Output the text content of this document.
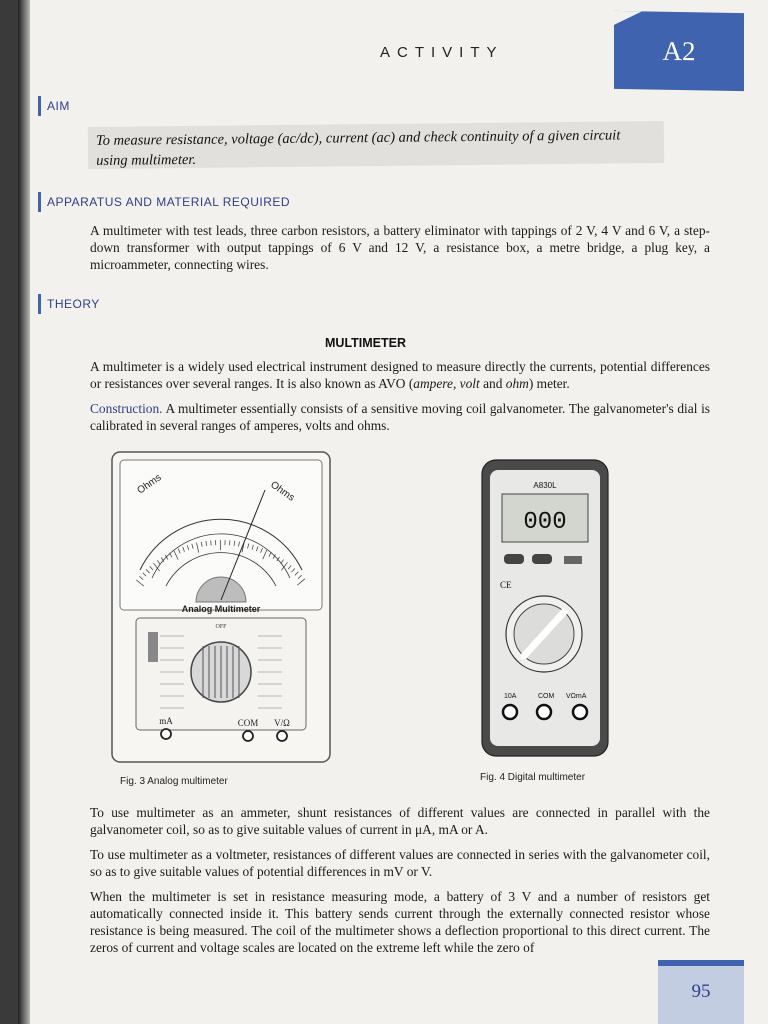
ACTIVITY	A2
AIM
To measure resistance, voltage (ac/dc), current (ac) and check continuity of a given circuit
using multimeter.
APPARATUS AND MATERIAL REQUIRED
A multimeter with test leads, three carbon resistors, a battery eliminator with tappings of 2 V, 4 V and 6 V, a step-down transformer with output tappings of 6 V and 12 V, a resistance box, a metre bridge, a plug key, a microammeter, connecting wires.
THEORY
MULTIMETER
A multimeter is a widely used electrical instrument designed to measure directly the currents, potential differences or resistances over several ranges. It is also known as AVO (ampere, volt and ohm) meter.
Construction. A multimeter essentially consists of a sensitive moving coil galvanometer. The galvanometer's dial is calibrated in several ranges of amperes, volts and ohms.
Ohms	Ohms
Analog Multimeter
OFF
mA	COM V/Ω
A830L
000
CE
10A	COM VΩmA
Fig. 3 Analog multimeter	Fig. 4 Digital multimeter
To use multimeter as an ammeter, shunt resistances of different values are connected in parallel with the galvanometer coil, so as to give suitable values of current in μA, mA or A.
To use multimeter as a voltmeter, resistances of different values are connected in series with the galvanometer coil, so as to give suitable values of potential differences in mV or V.
When the multimeter is set in resistance measuring mode, a battery of 3 V and a number of resistors get automatically connected inside it. This battery sends current through the externally connected resistor whose resistance is being measured. The coil of the multimeter shows a deflection proportional to this direct current. The zeros of current and voltage scales are located on the extreme left while the zero of
95
